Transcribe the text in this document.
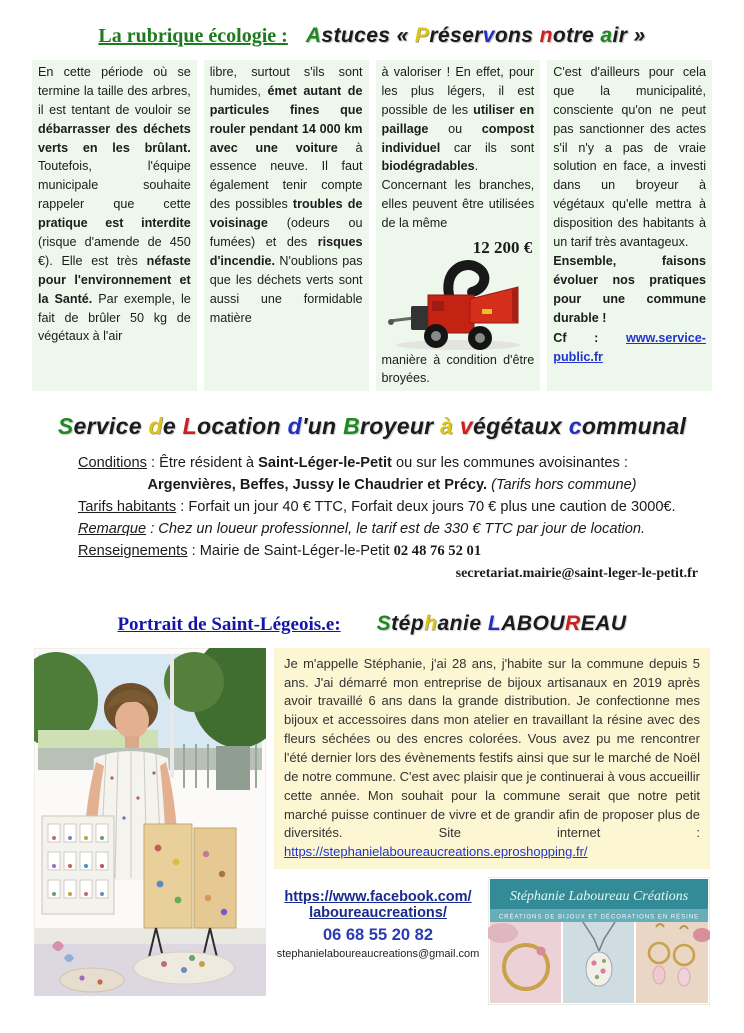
La rubrique écologie : Astuces « Préservons notre air »
En cette période où se termine la taille des arbres, il est tentant de vouloir se débarrasser des déchets verts en les brûlant. Toutefois, l'équipe municipale souhaite rappeler que cette pratique est interdite (risque d'amende de 450 €). Elle est très néfaste pour l'environnement et la Santé. Par exemple, le fait de brûler 50 kg de végétaux à l'air
libre, surtout s'ils sont humides, émet autant de particules fines que rouler pendant 14 000 km avec une voiture à essence neuve. Il faut également tenir compte des possibles troubles de voisinage (odeurs ou fumées) et des risques d'incendie. N'oublions pas que les déchets verts sont aussi une formidable matière
à valoriser ! En effet, pour les plus légers, il est possible de les utiliser en paillage ou compost individuel car ils sont biodégradables. Concernant les branches, elles peuvent être utilisées de la même
12 200 €
manière à condition d'être broyées.
C'est d'ailleurs pour cela que la municipalité, consciente qu'on ne peut pas sanctionner des actes s'il n'y a pas de vraie solution en face, a investi dans un broyeur à végétaux qu'elle mettra à disposition des habitants à un tarif très avantageux.
Ensemble, faisons évoluer nos pratiques pour une commune durable !
Cf : www.service-public.fr
Service de Location d'un Broyeur à végétaux communal
Conditions : Être résident à Saint-Léger-le-Petit ou sur les communes avoisinantes :
Argenvières, Beffes, Jussy le Chaudrier et Précy. (Tarifs hors commune)
Tarifs habitants : Forfait un jour 40 € TTC, Forfait deux jours 70 € plus une caution de 3000€.
Remarque : Chez un loueur professionnel, le tarif est de 330 € TTC par jour de location.
Renseignements : Mairie de Saint-Léger-le-Petit 02 48 76 52 01
secretariat.mairie@saint-leger-le-petit.fr
Portrait de Saint-Légeois.e: Stéphanie LABOUREAU
Je m'appelle Stéphanie, j'ai 28 ans, j'habite sur la commune depuis 5 ans. J'ai démarré mon entreprise de bijoux artisanaux en 2019 après avoir travaillé 6 ans dans la grande distribution. Je confectionne mes bijoux et accessoires dans mon atelier en travaillant la résine avec des fleurs séchées ou des encres colorées. Vous avez pu me rencontrer l'été dernier lors des évènements festifs ainsi que sur le marché de Noël de notre commune. C'est avec plaisir que je continuerai à vous accueillir cette année. Mon souhait pour la commune serait que notre petit marché puisse continuer de vivre et de grandir afin de proposer plus de diversités.	Site internet : https://stephanielaboureaucreations.eproshopping.fr/
https://www.facebook.com/
laboureaucreations/
06 68 55 20 82
stephanielaboureaucreations@gmail.com
Stéphanie Laboureau Créations
CRÉATIONS DE BIJOUX ET DÉCORATIONS EN RÉSINE
